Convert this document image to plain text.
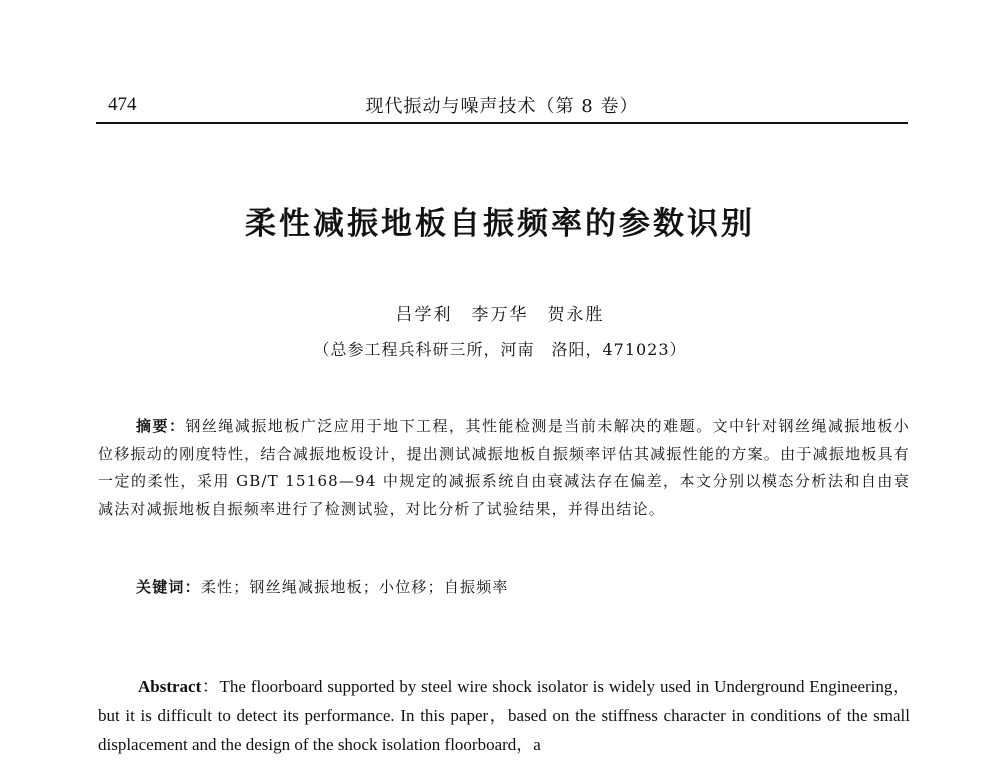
474	现代振动与噪声技术（第 8 卷）
柔性减振地板自振频率的参数识别
吕学利　李万华　贺永胜
（总参工程兵科研三所，河南　洛阳，471023）
摘要：钢丝绳减振地板广泛应用于地下工程，其性能检测是当前未解决的难题。文中针对钢丝绳减振地板小位移振动的刚度特性，结合减振地板设计，提出测试减振地板自振频率评估其减振性能的方案。由于减振地板具有一定的柔性，采用 GB/T 15168—94 中规定的减振系统自由衰减法存在偏差，本文分别以模态分析法和自由衰减法对减振地板自振频率进行了检测试验，对比分析了试验结果，并得出结论。
关键词：柔性；钢丝绳减振地板；小位移；自振频率
Abstract：The floorboard supported by steel wire shock isolator is widely used in Underground Engineering，but it is difficult to detect its performance. In this paper，based on the stiffness character in conditions of the small displacement and the design of the shock isolation floorboard，a
